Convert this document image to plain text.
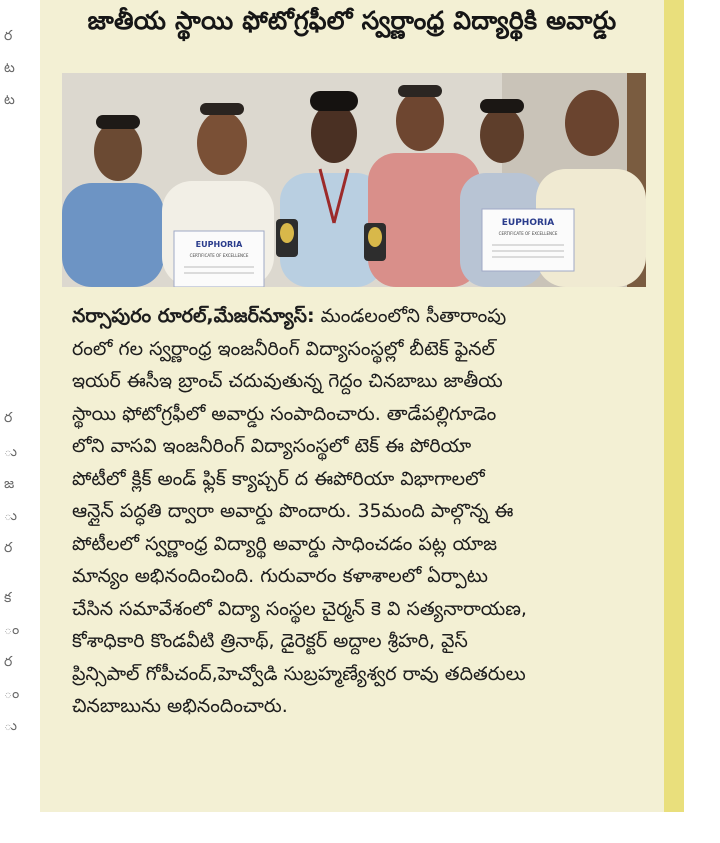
ర
ట
ట
ర
ు
జ
ు
ర
క
ం
ర
ం
ు
జాతీయ స్థాయి ఫోటోగ్రఫీలో స్వర్ణాంధ్ర విద్యార్థికి అవార్డు
EUPHORIA
CERTIFICATE OF EXCELLENCE
EUPHORIA
CERTIFICATE OF EXCELLENCE
నర్సాపురం రూరల్,మేజర్‌న్యూస్: మండలంలోని సీతారాంపు
రంలో గల స్వర్ణాంధ్ర ఇంజనీరింగ్ విద్యాసంస్థల్లో బీటెక్ ఫైనల్
ఇయర్ ఈసీఇ బ్రాంచ్ చదువుతున్న గెద్దం చినబాబు జాతీయ
స్థాయి ఫోటోగ్రఫీలో అవార్డు సంపాదించారు. తాడేపల్లిగూడెం
లోని వాసవి ఇంజనీరింగ్ విద్యాసంస్థలో టెక్ ఈ పోరియా
పోటీలో క్లిక్ అండ్ ఫ్లిక్ క్యాప్చర్ ద ఈపోరియా విభాగాలలో
ఆన్లైన్ పద్ధతి ద్వారా అవార్డు పొందారు. 35మంది పాల్గొన్న ఈ
పోటీలలో స్వర్ణాంధ్ర విద్యార్థి అవార్డు సాధించడం పట్ల యాజ
మాన్యం అభినందించింది. గురువారం కళాశాలలో ఏర్పాటు
చేసిన సమావేశంలో విద్యా సంస్థల చైర్మన్ కె వి సత్యనారాయణ,
కోశాధికారి కొండవీటి త్రినాథ్, డైరెక్టర్ అద్దాల శ్రీహరి, వైస్
ప్రిన్సిపాల్ గోపీచంద్,హెచ్వోడి సుబ్రహ్మణ్యేశ్వర రావు తదితరులు
చినబాబును అభినందించారు.
